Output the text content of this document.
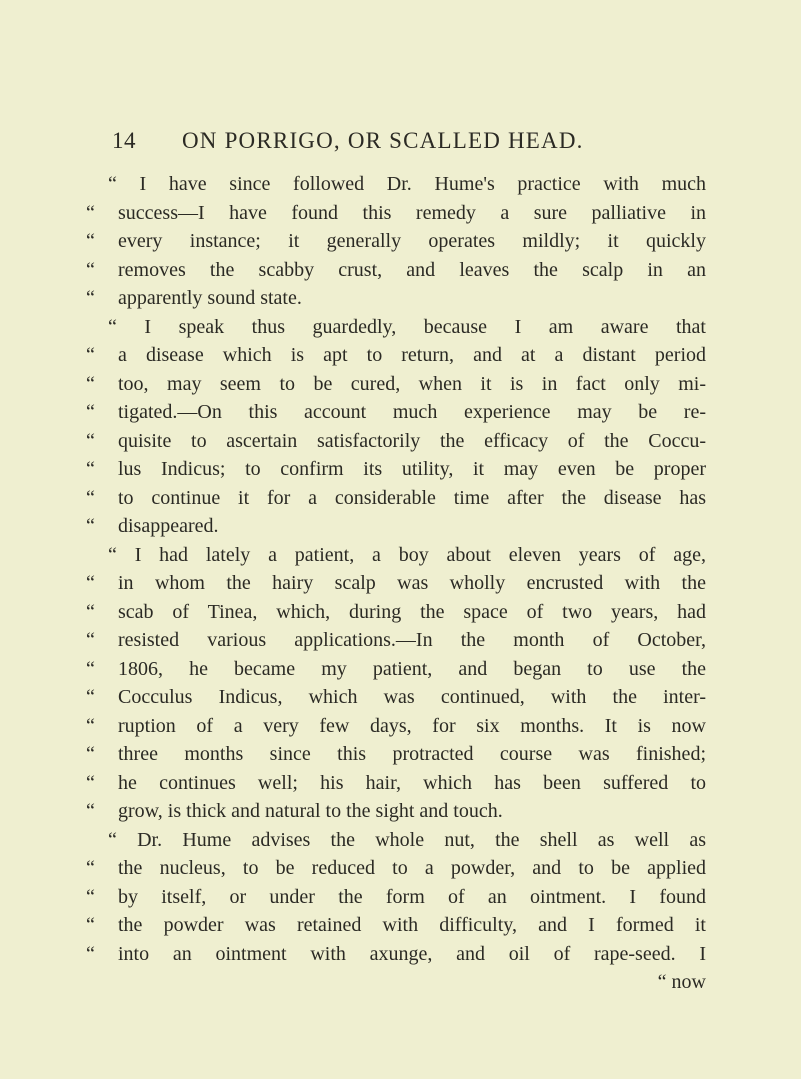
14 ON PORRIGO, OR SCALLED HEAD.
“ I have since followed Dr. Hume's practice with much
“	success—I have found this remedy a sure palliative in
“	every instance; it generally operates mildly; it quickly
“	removes the scabby crust, and leaves the scalp in an
“	apparently sound state.
“ I speak thus guardedly, because I am aware that
“	a disease which is apt to return, and at a distant period
“	too, may seem to be cured, when it is in fact only mi-
“	tigated.—On this account much experience may be re-
“	quisite to ascertain satisfactorily the efficacy of the Coccu-
“	lus Indicus; to confirm its utility, it may even be proper
“	to continue it for a considerable time after the disease has
“	disappeared.
“ I had lately a patient, a boy about eleven years of age,
“	in whom the hairy scalp was wholly encrusted with the
“	scab of Tinea, which, during the space of two years, had
“	resisted various applications.—In the month of October,
“	1806, he became my patient, and began to use the
“	Cocculus Indicus, which was continued, with the inter-
“	ruption of a very few days, for six months. It is now
“	three months since this protracted course was finished;
“	he continues well; his hair, which has been suffered to
“	grow, is thick and natural to the sight and touch.
“ Dr. Hume advises the whole nut, the shell as well as
“	the nucleus, to be reduced to a powder, and to be applied
“	by itself, or under the form of an ointment. I found
“	the powder was retained with difficulty, and I formed it
“	into an ointment with axunge, and oil of rape-seed. I
“ now
